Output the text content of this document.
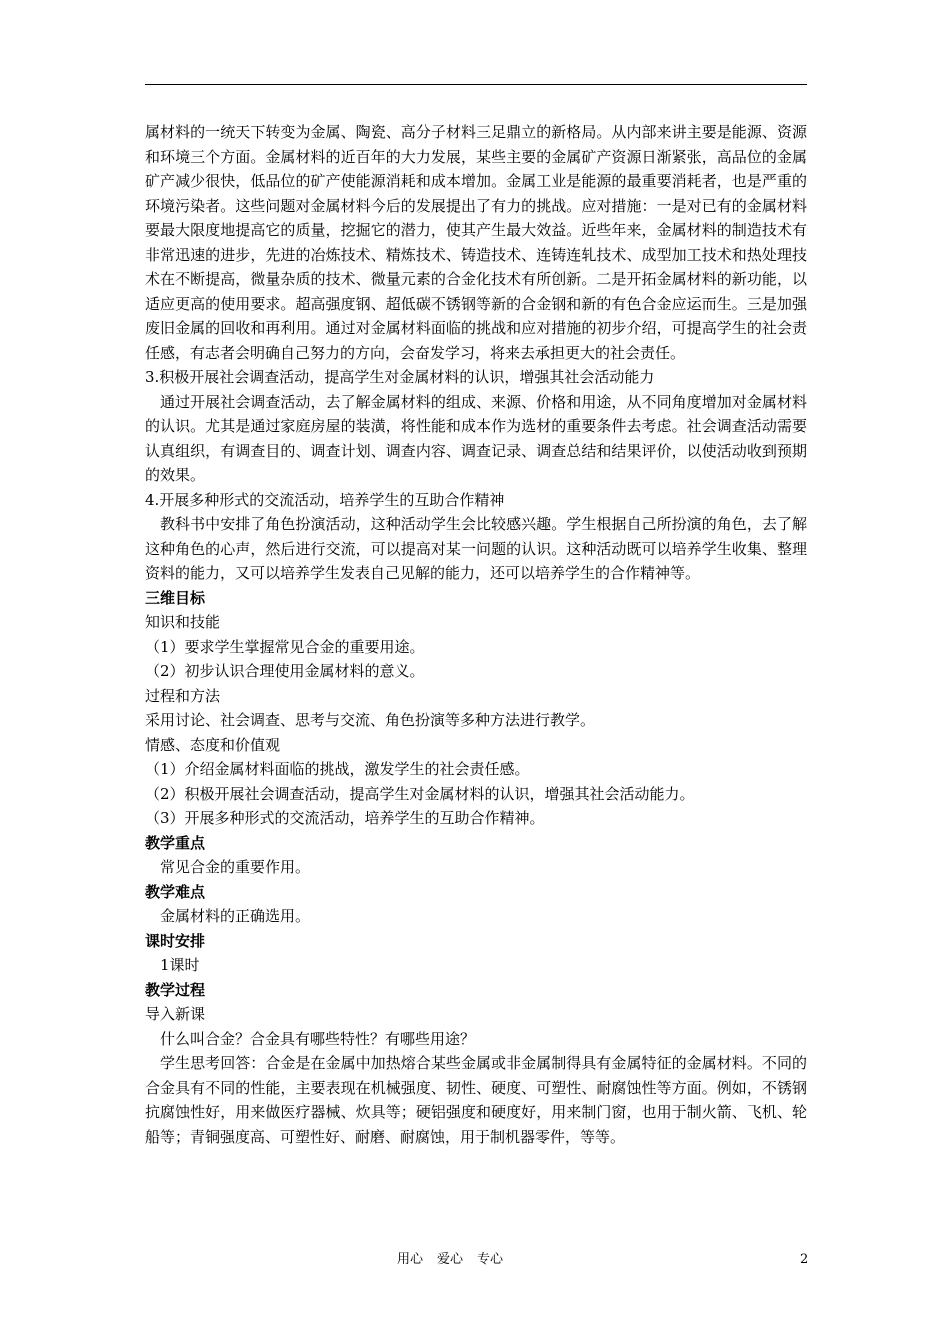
属材料的一统天下转变为金属、陶瓷、高分子材料三足鼎立的新格局。从内部来讲主要是能源、资源和环境三个方面。金属材料的近百年的大力发展，某些主要的金属矿产资源日渐紧张，高品位的金属矿产减少很快，低品位的矿产使能源消耗和成本增加。金属工业是能源的最重要消耗者，也是严重的环境污染者。这些问题对金属材料今后的发展提出了有力的挑战。应对措施：一是对已有的金属材料要最大限度地提高它的质量，挖掘它的潜力，使其产生最大效益。近些年来，金属材料的制造技术有非常迅速的进步，先进的冶炼技术、精炼技术、铸造技术、连铸连轧技术、成型加工技术和热处理技术在不断提高，微量杂质的技术、微量元素的合金化技术有所创新。二是开拓金属材料的新功能，以适应更高的使用要求。超高强度钢、超低碳不锈钢等新的合金钢和新的有色合金应运而生。三是加强废旧金属的回收和再利用。通过对金属材料面临的挑战和应对措施的初步介绍，可提高学生的社会责任感，有志者会明确自己努力的方向，会奋发学习，将来去承担更大的社会责任。

3.积极开展社会调查活动，提高学生对金属材料的认识，增强其社会活动能力

通过开展社会调查活动，去了解金属材料的组成、来源、价格和用途，从不同角度增加对金属材料的认识。尤其是通过家庭房屋的装潢，将性能和成本作为选材的重要条件去考虑。社会调查活动需要认真组织，有调查目的、调查计划、调查内容、调查记录、调查总结和结果评价，以使活动收到预期的效果。

4.开展多种形式的交流活动，培养学生的互助合作精神

教科书中安排了角色扮演活动，这种活动学生会比较感兴趣。学生根据自己所扮演的角色，去了解这种角色的心声，然后进行交流，可以提高对某一问题的认识。这种活动既可以培养学生收集、整理资料的能力，又可以培养学生发表自己见解的能力，还可以培养学生的合作精神等。

三维目标

知识和技能

（1）要求学生掌握常见合金的重要用途。

（2）初步认识合理使用金属材料的意义。

过程和方法

采用讨论、社会调查、思考与交流、角色扮演等多种方法进行教学。

情感、态度和价值观

（1）介绍金属材料面临的挑战，激发学生的社会责任感。

（2）积极开展社会调查活动，提高学生对金属材料的认识，增强其社会活动能力。

（3）开展多种形式的交流活动，培养学生的互助合作精神。

教学重点

常见合金的重要作用。

教学难点

金属材料的正确选用。

课时安排

1课时

教学过程

导入新课

什么叫合金？合金具有哪些特性？有哪些用途？

学生思考回答：合金是在金属中加热熔合某些金属或非金属制得具有金属特征的金属材料。不同的合金具有不同的性能，主要表现在机械强度、韧性、硬度、可塑性、耐腐蚀性等方面。例如，不锈钢抗腐蚀性好，用来做医疗器械、炊具等；硬铝强度和硬度好，用来制门窗，也用于制火箭、飞机、轮船等；青铜强度高、可塑性好、耐磨、耐腐蚀，用于制机器零件，等等。

用心 爱心 专心	2
